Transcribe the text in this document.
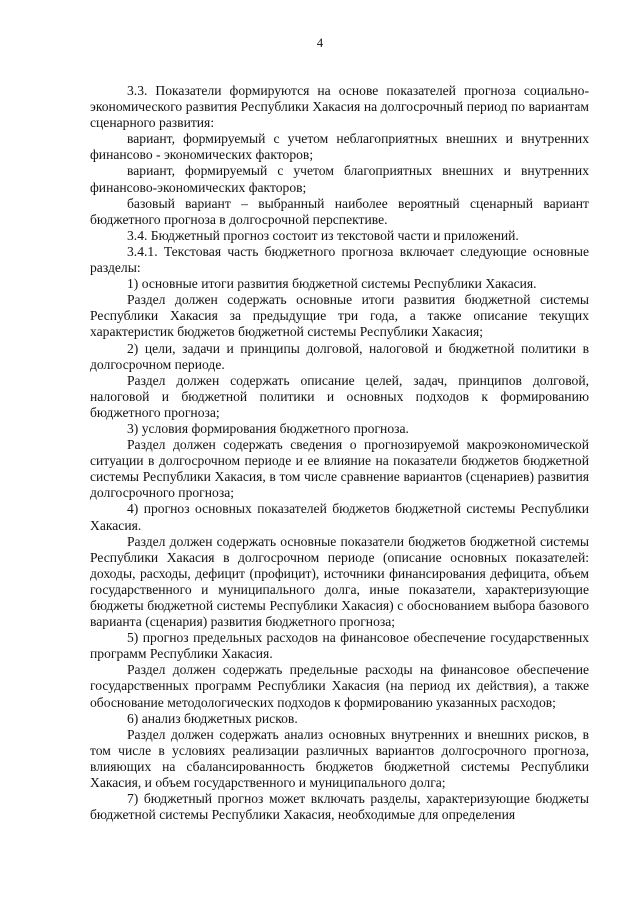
4

3.3. Показатели формируются на основе показателей прогноза социально-экономического развития Республики Хакасия на долгосрочный период по вариантам сценарного развития:

вариант, формируемый с учетом неблагоприятных внешних и внутренних финансово - экономических факторов;

вариант, формируемый с учетом благоприятных внешних и внутренних финансово-экономических факторов;

базовый вариант – выбранный наиболее вероятный сценарный вариант бюджетного прогноза в долгосрочной перспективе.

3.4. Бюджетный прогноз состоит из текстовой части и приложений.

3.4.1. Текстовая часть бюджетного прогноза включает следующие основные разделы:

1) основные итоги развития бюджетной системы Республики Хакасия.

Раздел должен содержать основные итоги развития бюджетной системы Республики Хакасия за предыдущие три года, а также описание текущих характеристик бюджетов бюджетной системы Республики Хакасия;

2) цели, задачи и принципы долговой, налоговой и бюджетной политики в долгосрочном периоде.

Раздел должен содержать описание целей, задач, принципов долговой, налоговой и бюджетной политики и основных подходов к формированию бюджетного прогноза;

3) условия формирования бюджетного прогноза.

Раздел должен содержать сведения о прогнозируемой макроэкономической ситуации в долгосрочном периоде и ее влияние на показатели бюджетов бюджетной системы Республики Хакасия, в том числе сравнение вариантов (сценариев) развития долгосрочного прогноза;

4) прогноз основных показателей бюджетов бюджетной системы Республики Хакасия.

Раздел должен содержать основные показатели бюджетов бюджетной системы Республики Хакасия в долгосрочном периоде (описание основных показателей: доходы, расходы, дефицит (профицит), источники финансирования дефицита, объем государственного и муниципального долга, иные показатели, характеризующие бюджеты бюджетной системы Республики Хакасия) с обоснованием выбора базового варианта (сценария) развития бюджетного прогноза;

5) прогноз предельных расходов на финансовое обеспечение государственных программ Республики Хакасия.

Раздел должен содержать предельные расходы на финансовое обеспечение государственных программ Республики Хакасия (на период их действия), а также обоснование методологических подходов к формированию указанных расходов;

6) анализ бюджетных рисков.

Раздел должен содержать анализ основных внутренних и внешних рисков, в том числе в условиях реализации различных вариантов долгосрочного прогноза, влияющих на сбалансированность бюджетов бюджетной системы Республики Хакасия, и объем государственного и муниципального долга;

7) бюджетный прогноз может включать разделы, характеризующие бюджеты бюджетной системы Республики Хакасия, необходимые для определения
